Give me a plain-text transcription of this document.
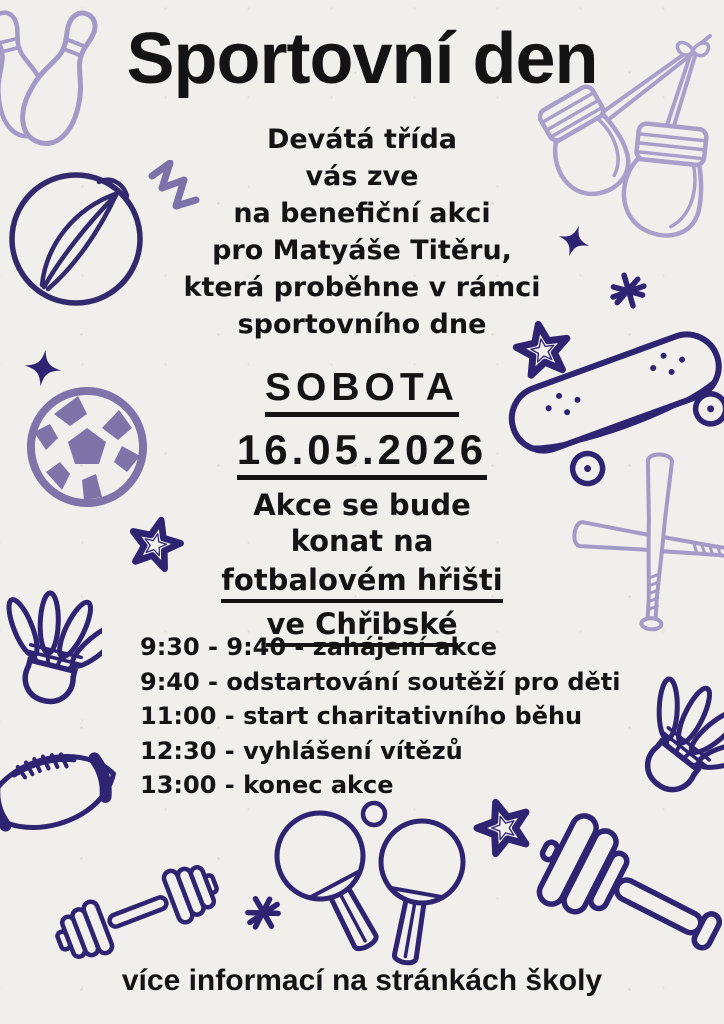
Sportovní den
Devátá třída
vás zve
na benefiční akci
pro Matyáše Titěru,
která proběhne v rámci
sportovního dne
SOBOTA
16.05.2026
Akce se bude
konat na
fotbalovém hřišti
ve Chřibské
9:30 - 9:40 - zahájení akce
9:40 - odstartování soutěží pro děti
11:00 - start charitativního běhu
12:30 - vyhlášení vítězů
13:00 - konec akce
více informací na stránkách školy
